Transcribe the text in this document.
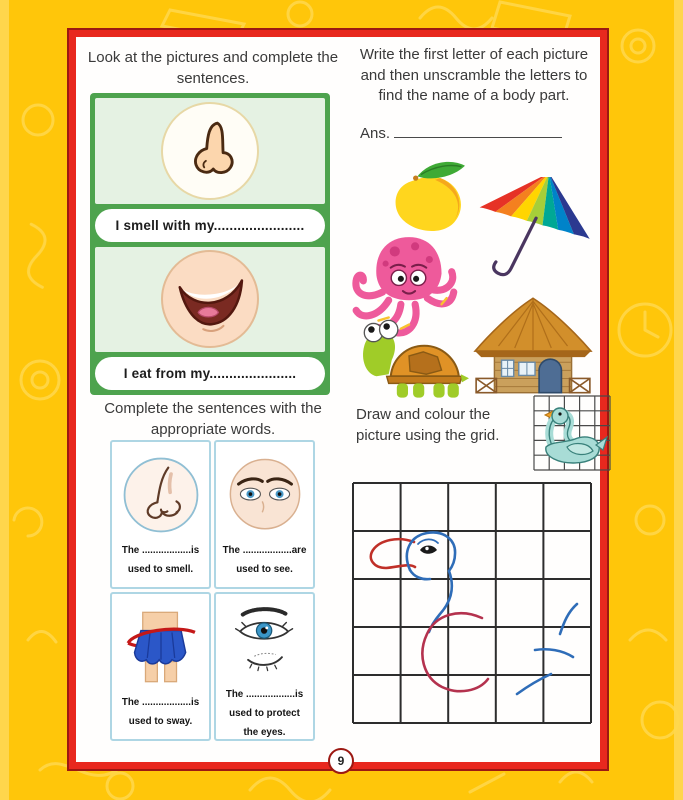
Look at the pictures and complete the sentences.
I smell with my.......................
I eat from my......................
Write the first letter of each picture and then unscramble the letters to find the name of a body part.
Ans.
Complete the sentences with the appropriate words.
The ..................is
used to smell.
The ..................are
used to see.
The ..................is
used to sway.
The ..................is
used to protect
the eyes.
Draw and colour the picture using the grid.
9
